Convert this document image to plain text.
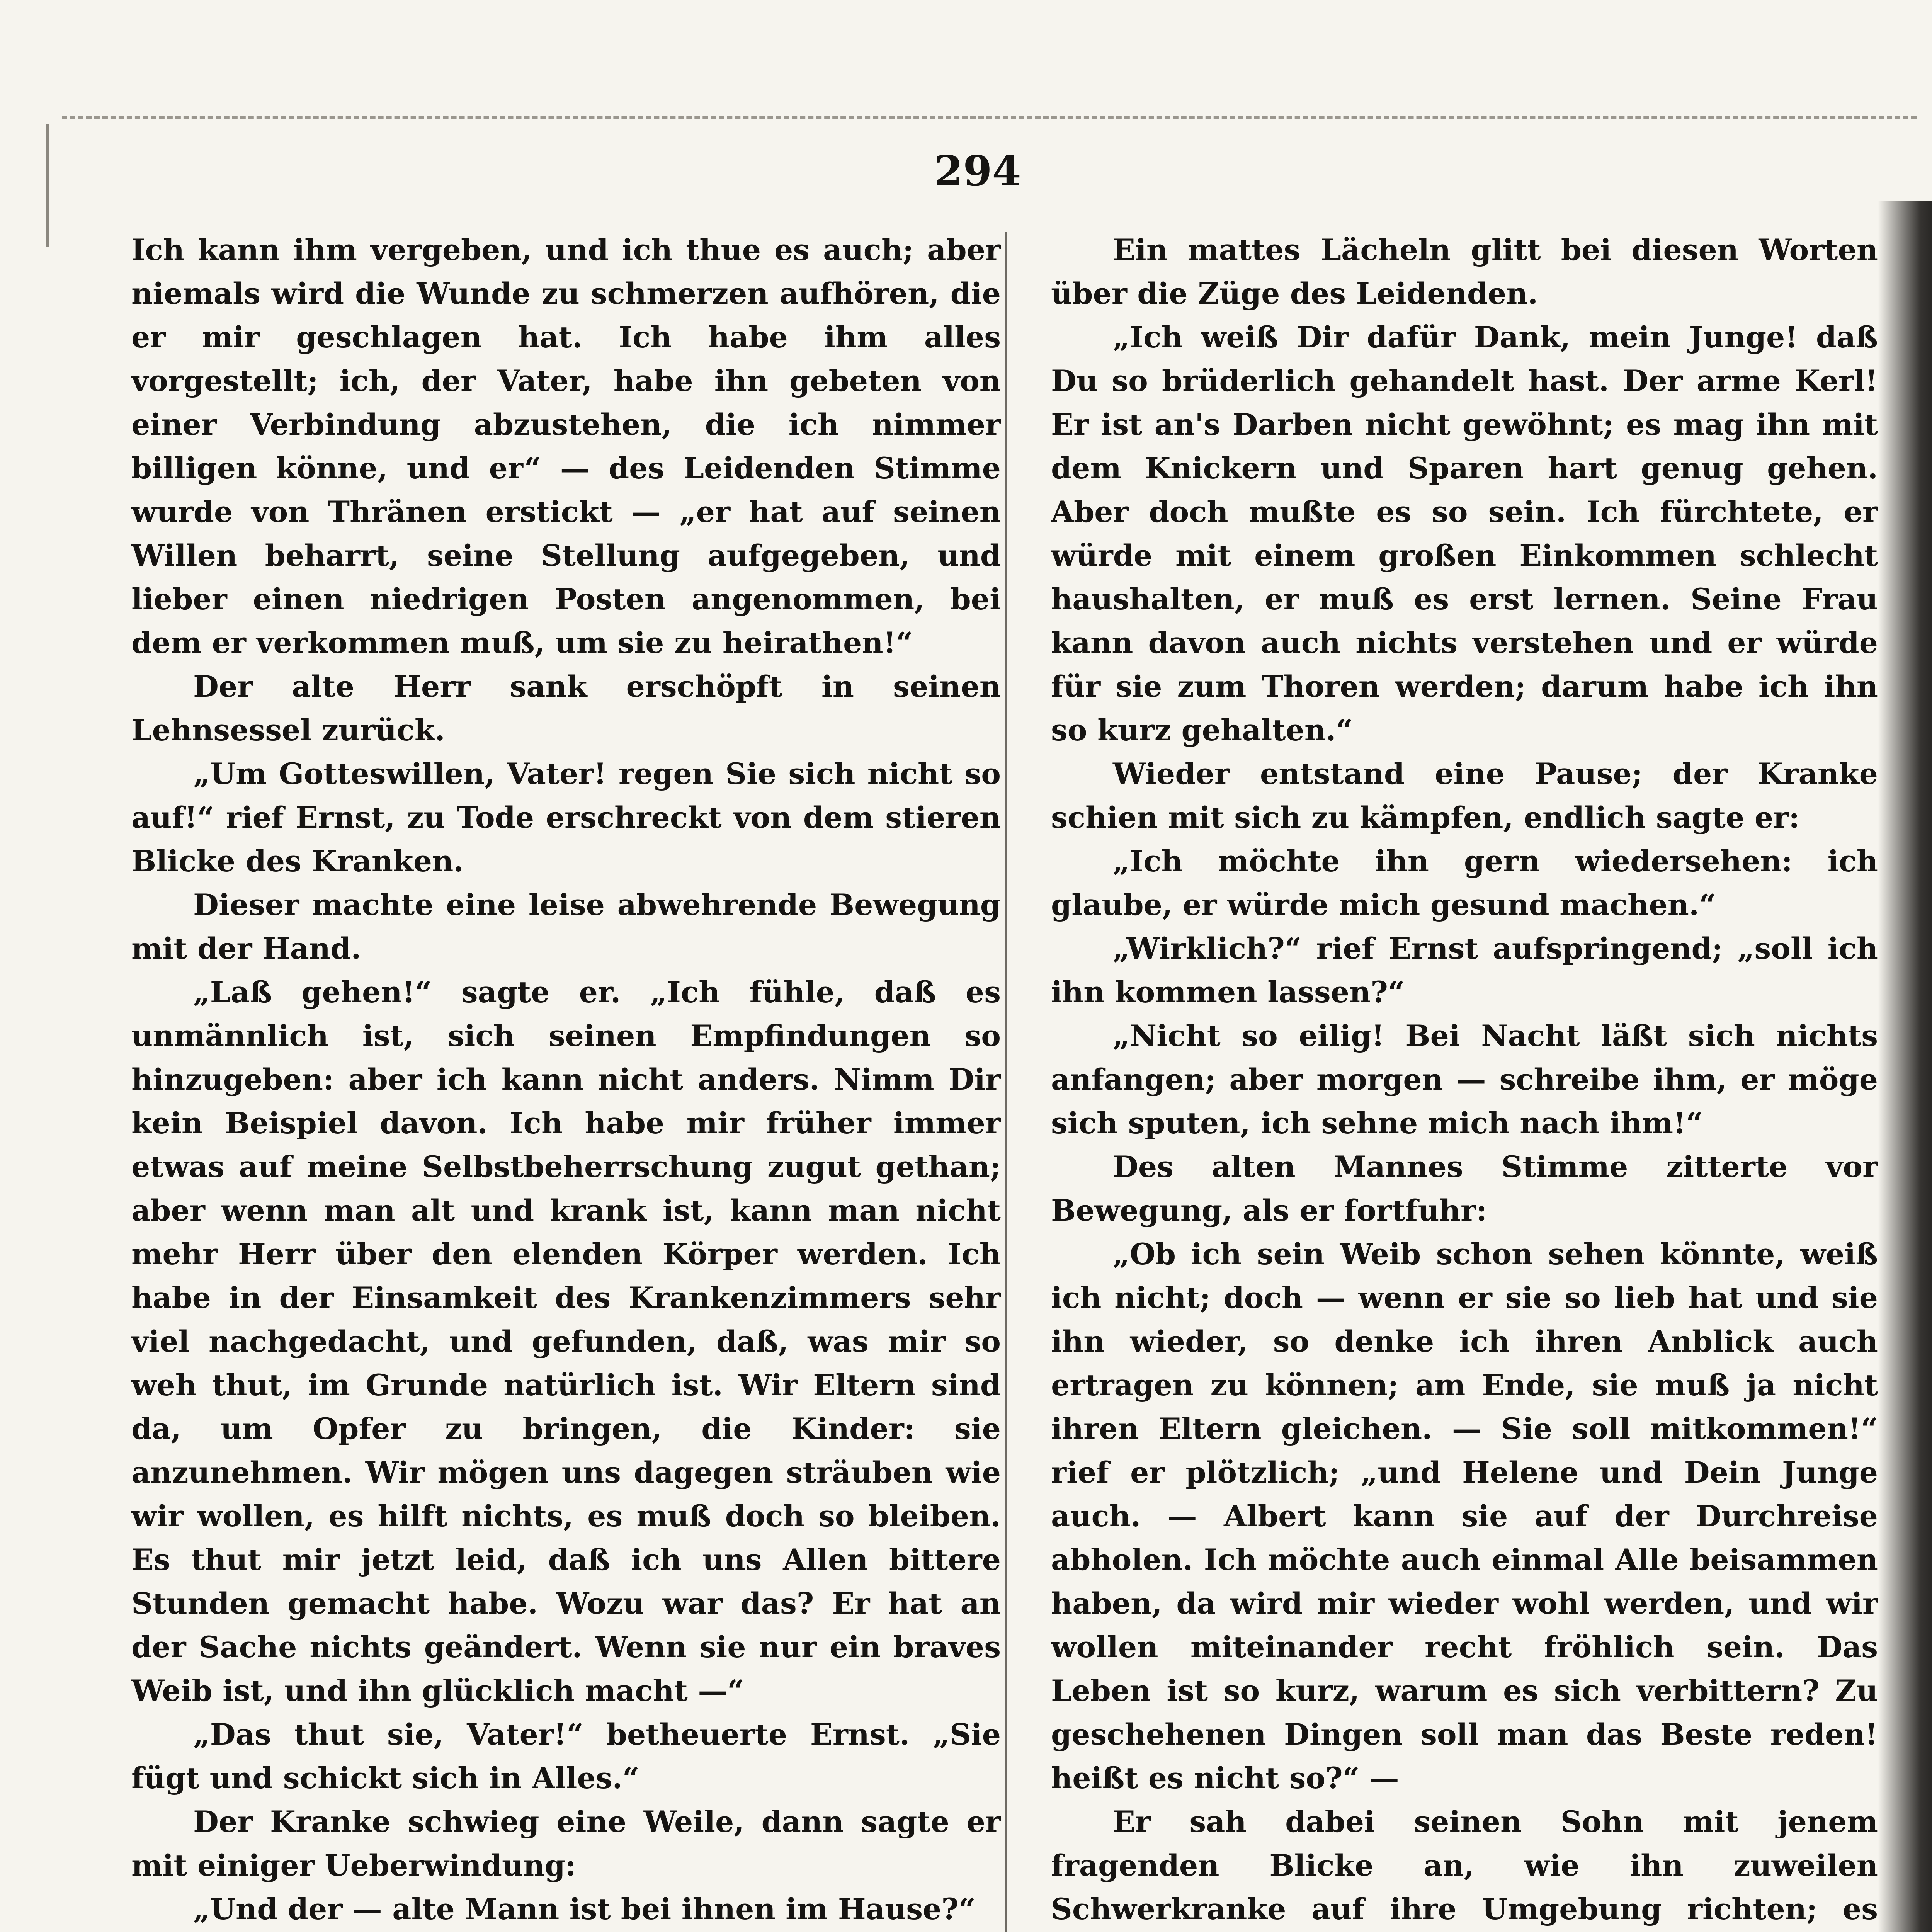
294

Ich kann ihm vergeben, und ich thue es auch; aber niemals wird die Wunde zu schmerzen aufhören, die er mir geschlagen hat. Ich habe ihm alles vorgestellt; ich, der Vater, habe ihn gebeten von einer Verbindung abzustehen, die ich nimmer billigen könne, und er“ — des Leidenden Stimme wurde von Thränen erstickt — „er hat auf seinen Willen beharrt, seine Stellung aufgegeben, und lieber einen niedrigen Posten angenommen, bei dem er verkommen muß, um sie zu heirathen!“

Der alte Herr sank erschöpft in seinen Lehnsessel zurück.

„Um Gotteswillen, Vater! regen Sie sich nicht so auf!“ rief Ernst, zu Tode erschreckt von dem stieren Blicke des Kranken.

Dieser machte eine leise abwehrende Bewegung mit der Hand.

„Laß gehen!“ sagte er. „Ich fühle, daß es unmännlich ist, sich seinen Empfindungen so hinzugeben: aber ich kann nicht anders. Nimm Dir kein Beispiel davon. Ich habe mir früher immer etwas auf meine Selbstbeherrschung zugut gethan; aber wenn man alt und krank ist, kann man nicht mehr Herr über den elenden Körper werden. Ich habe in der Einsamkeit des Krankenzimmers sehr viel nachgedacht, und gefunden, daß, was mir so weh thut, im Grunde natürlich ist. Wir Eltern sind da, um Opfer zu bringen, die Kinder: sie anzunehmen. Wir mögen uns dagegen sträuben wie wir wollen, es hilft nichts, es muß doch so bleiben. Es thut mir jetzt leid, daß ich uns Allen bittere Stunden gemacht habe. Wozu war das? Er hat an der Sache nichts geändert. Wenn sie nur ein braves Weib ist, und ihn glücklich macht —“

„Das thut sie, Vater!“ betheuerte Ernst. „Sie fügt und schickt sich in Alles.“

Der Kranke schwieg eine Weile, dann sagte er mit einiger Ueberwindung:

„Und der — alte Mann ist bei ihnen im Hause?“

Ein mattes Lächeln glitt bei diesen Worten über die Züge des Leidenden.

„Ich weiß Dir dafür Dank, mein Junge! daß Du so brüderlich gehandelt hast. Der arme Kerl! Er ist an's Darben nicht gewöhnt; es mag ihn mit dem Knickern und Sparen hart genug gehen. Aber doch mußte es so sein. Ich fürchtete, er würde mit einem großen Einkommen schlecht haushalten, er muß es erst lernen. Seine Frau kann davon auch nichts verstehen und er würde für sie zum Thoren werden; darum habe ich ihn so kurz gehalten.“

Wieder entstand eine Pause; der Kranke schien mit sich zu kämpfen, endlich sagte er:

„Ich möchte ihn gern wiedersehen: ich glaube, er würde mich gesund machen.“

„Wirklich?“ rief Ernst aufspringend; „soll ich ihn kommen lassen?“

„Nicht so eilig! Bei Nacht läßt sich nichts anfangen; aber morgen — schreibe ihm, er möge sich sputen, ich sehne mich nach ihm!“

Des alten Mannes Stimme zitterte vor Bewegung, als er fortfuhr:

„Ob ich sein Weib schon sehen könnte, weiß ich nicht; doch — wenn er sie so lieb hat und sie ihn wieder, so denke ich ihren Anblick auch ertragen zu können; am Ende, sie muß ja nicht ihren Eltern gleichen. — Sie soll mitkommen!“ rief er plötzlich; „und Helene und Dein Junge auch. — Albert kann sie auf der Durchreise abholen. Ich möchte auch einmal Alle beisammen haben, da wird mir wieder wohl werden, und wir wollen miteinander recht fröhlich sein. Das Leben ist so kurz, warum es sich verbittern? Zu geschehenen Dingen soll man das Beste reden! heißt es nicht so?“ —

Er sah dabei seinen Sohn mit jenem fragenden Blicke an, wie ihn zuweilen Schwerkranke auf ihre Umgebung richten; es
